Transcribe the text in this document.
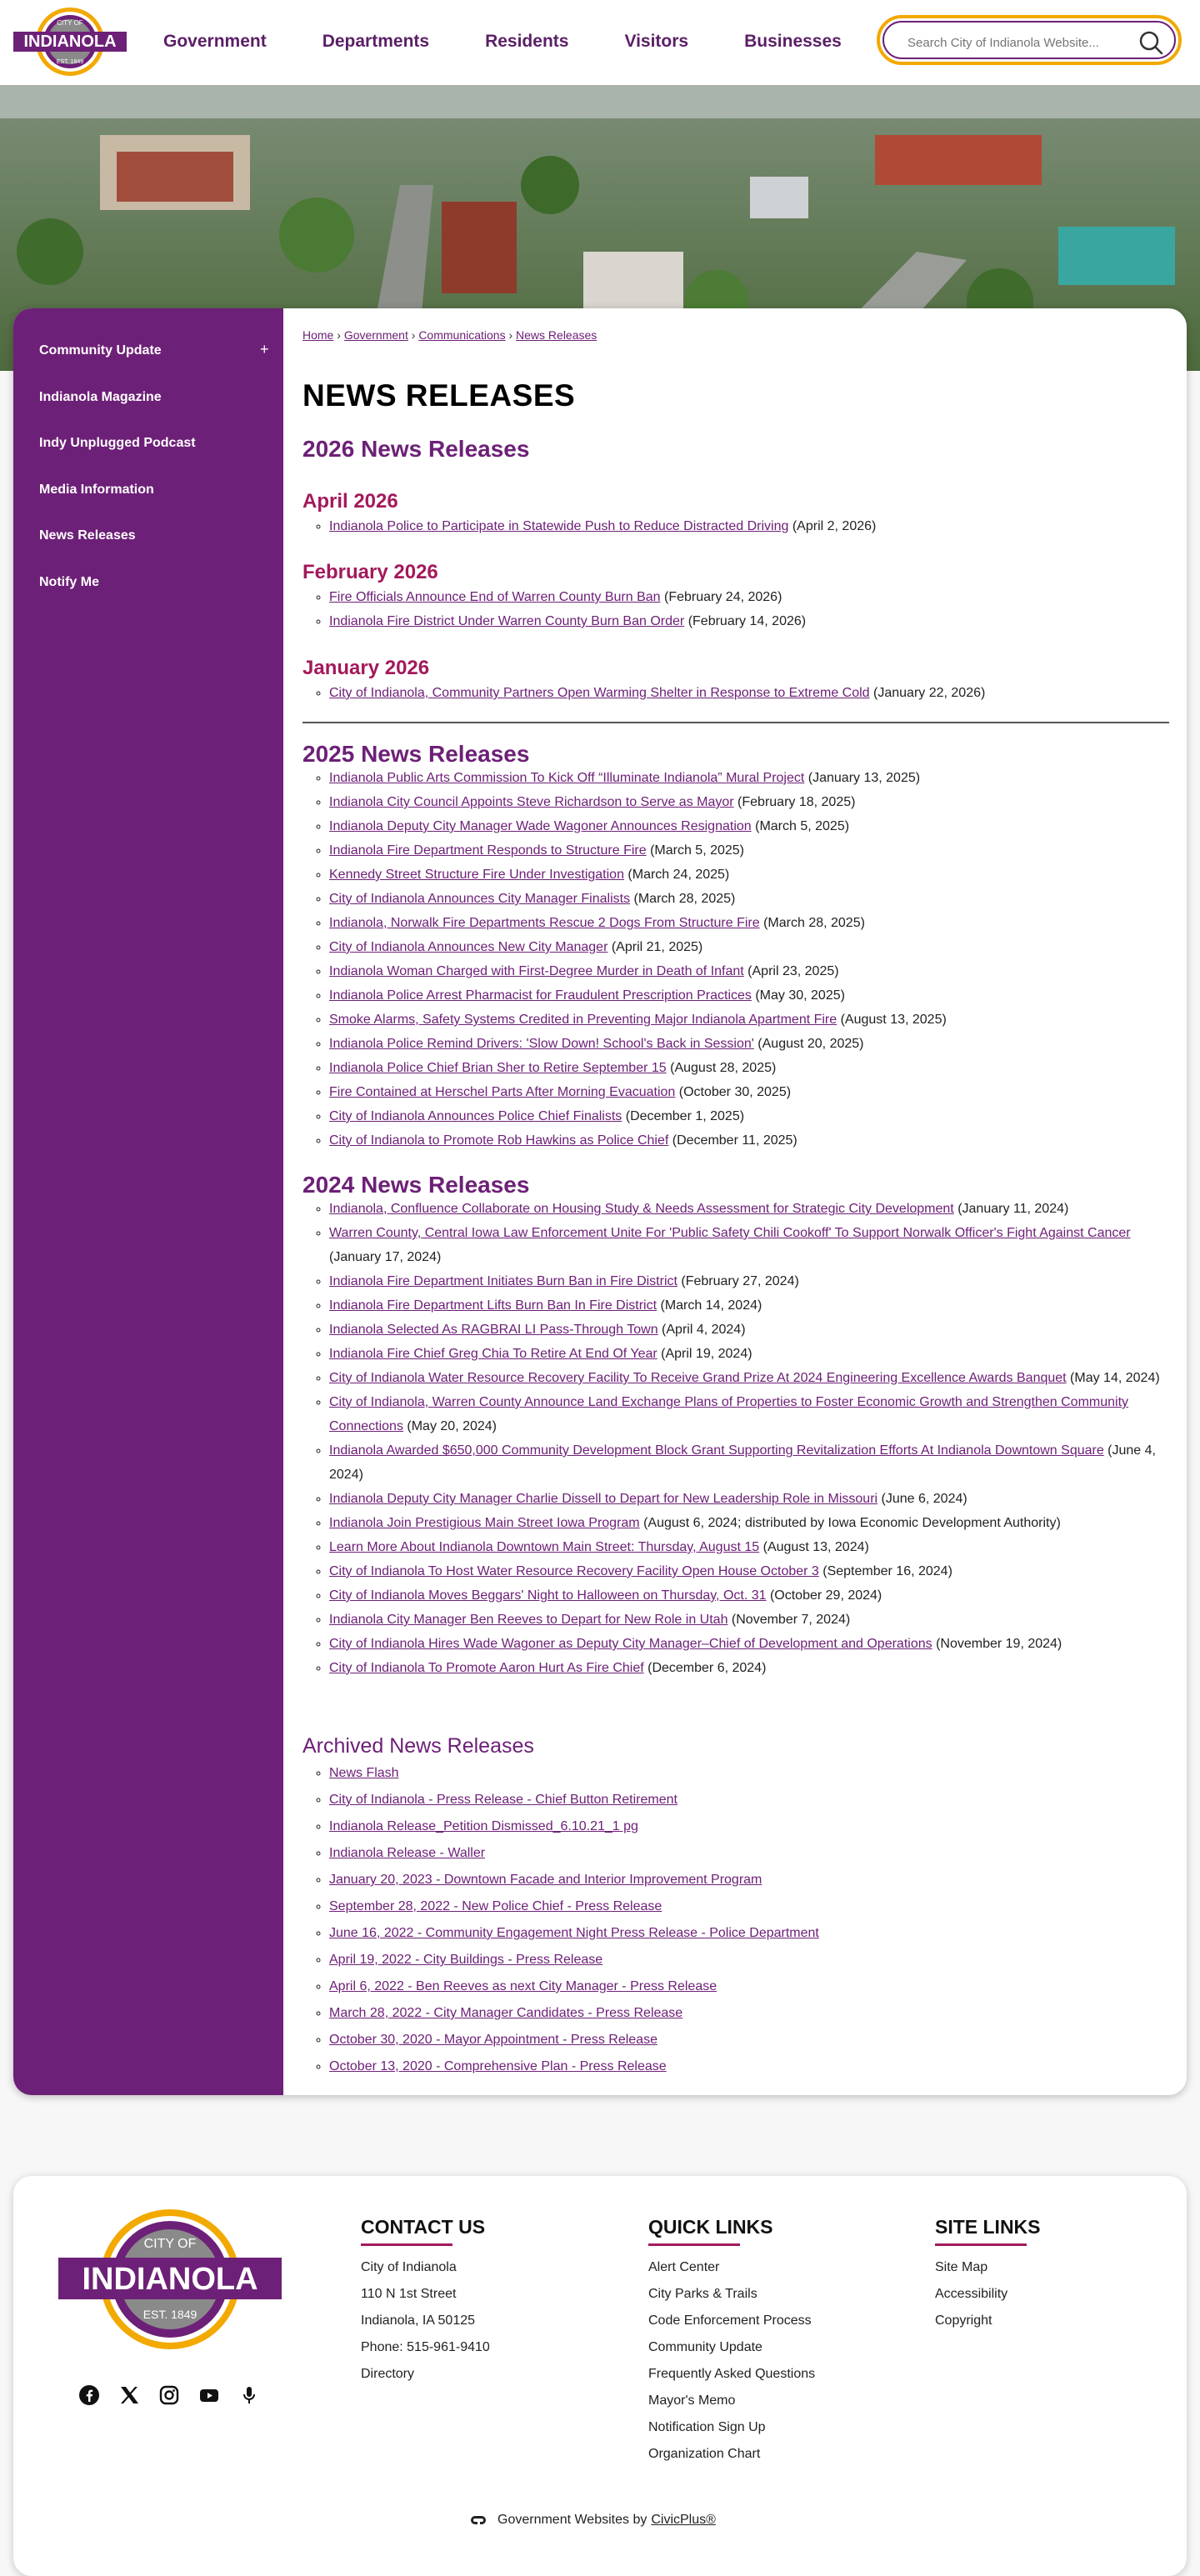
CITY OF
INDIANOLA
EST. 1849
Government	Departments	Residents	Visitors	Businesses
Search City of Indianola Website...
Community Update	+
Indianola Magazine
Indy Unplugged Podcast
Media Information
News Releases
Notify Me
Home › Government › Communications › News Releases
NEWS RELEASES
2026 News Releases
April 2026
◦ Indianola Police to Participate in Statewide Push to Reduce Distracted Driving (April 2, 2026)
February 2026
◦ Fire Officials Announce End of Warren County Burn Ban (February 24, 2026)
◦ Indianola Fire District Under Warren County Burn Ban Order (February 14, 2026)
January 2026
◦ City of Indianola, Community Partners Open Warming Shelter in Response to Extreme Cold (January 22, 2026)
2025 News Releases
◦ Indianola Public Arts Commission To Kick Off “Illuminate Indianola” Mural Project (January 13, 2025)
◦ Indianola City Council Appoints Steve Richardson to Serve as Mayor (February 18, 2025)
◦ Indianola Deputy City Manager Wade Wagoner Announces Resignation (March 5, 2025)
◦ Indianola Fire Department Responds to Structure Fire (March 5, 2025)
◦ Kennedy Street Structure Fire Under Investigation (March 24, 2025)
◦ City of Indianola Announces City Manager Finalists (March 28, 2025)
◦ Indianola, Norwalk Fire Departments Rescue 2 Dogs From Structure Fire (March 28, 2025)
◦ City of Indianola Announces New City Manager (April 21, 2025)
◦ Indianola Woman Charged with First-Degree Murder in Death of Infant (April 23, 2025)
◦ Indianola Police Arrest Pharmacist for Fraudulent Prescription Practices (May 30, 2025)
◦ Smoke Alarms, Safety Systems Credited in Preventing Major Indianola Apartment Fire (August 13, 2025)
◦ Indianola Police Remind Drivers: 'Slow Down! School's Back in Session' (August 20, 2025)
◦ Indianola Police Chief Brian Sher to Retire September 15 (August 28, 2025)
◦ Fire Contained at Herschel Parts After Morning Evacuation (October 30, 2025)
◦ City of Indianola Announces Police Chief Finalists (December 1, 2025)
◦ City of Indianola to Promote Rob Hawkins as Police Chief (December 11, 2025)
2024 News Releases
◦ Indianola, Confluence Collaborate on Housing Study & Needs Assessment for Strategic City Development (January 11, 2024)
◦ Warren County, Central Iowa Law Enforcement Unite For 'Public Safety Chili Cookoff' To Support Norwalk Officer's Fight Against Cancer (January 17, 2024)
◦ Indianola Fire Department Initiates Burn Ban in Fire District (February 27, 2024)
◦ Indianola Fire Department Lifts Burn Ban In Fire District (March 14, 2024)
◦ Indianola Selected As RAGBRAI LI Pass-Through Town (April 4, 2024)
◦ Indianola Fire Chief Greg Chia To Retire At End Of Year (April 19, 2024)
◦ City of Indianola Water Resource Recovery Facility To Receive Grand Prize At 2024 Engineering Excellence Awards Banquet (May 14, 2024)
◦ City of Indianola, Warren County Announce Land Exchange Plans of Properties to Foster Economic Growth and Strengthen Community Connections (May 20, 2024)
◦ Indianola Awarded $650,000 Community Development Block Grant Supporting Revitalization Efforts At Indianola Downtown Square (June 4, 2024)
◦ Indianola Deputy City Manager Charlie Dissell to Depart for New Leadership Role in Missouri (June 6, 2024)
◦ Indianola Join Prestigious Main Street Iowa Program (August 6, 2024; distributed by Iowa Economic Development Authority)
◦ Learn More About Indianola Downtown Main Street: Thursday, August 15 (August 13, 2024)
◦ City of Indianola To Host Water Resource Recovery Facility Open House October 3 (September 16, 2024)
◦ City of Indianola Moves Beggars' Night to Halloween on Thursday, Oct. 31 (October 29, 2024)
◦ Indianola City Manager Ben Reeves to Depart for New Role in Utah (November 7, 2024)
◦ City of Indianola Hires Wade Wagoner as Deputy City Manager–Chief of Development and Operations (November 19, 2024)
◦ City of Indianola To Promote Aaron Hurt As Fire Chief (December 6, 2024)
Archived News Releases
◦ News Flash
◦ City of Indianola - Press Release - Chief Button Retirement
◦ Indianola Release_Petition Dismissed_6.10.21_1 pg
◦ Indianola Release - Waller
◦ January 20, 2023 - Downtown Facade and Interior Improvement Program
◦ September 28, 2022 - New Police Chief - Press Release
◦ June 16, 2022 - Community Engagement Night Press Release - Police Department
◦ April 19, 2022 - City Buildings - Press Release
◦ April 6, 2022 - Ben Reeves as next City Manager - Press Release
◦ March 28, 2022 - City Manager Candidates - Press Release
◦ October 30, 2020 - Mayor Appointment - Press Release
◦ October 13, 2020 - Comprehensive Plan - Press Release
CITY OF
INDIANOLA
EST. 1849
CONTACT US
City of Indianola
110 N 1st Street
Indianola, IA 50125
Phone: 515-961-9410
Directory
QUICK LINKS
Alert Center
City Parks & Trails
Code Enforcement Process
Community Update
Frequently Asked Questions
Mayor's Memo
Notification Sign Up
Organization Chart
SITE LINKS
Site Map
Accessibility
Copyright
Government Websites by CivicPlus®
